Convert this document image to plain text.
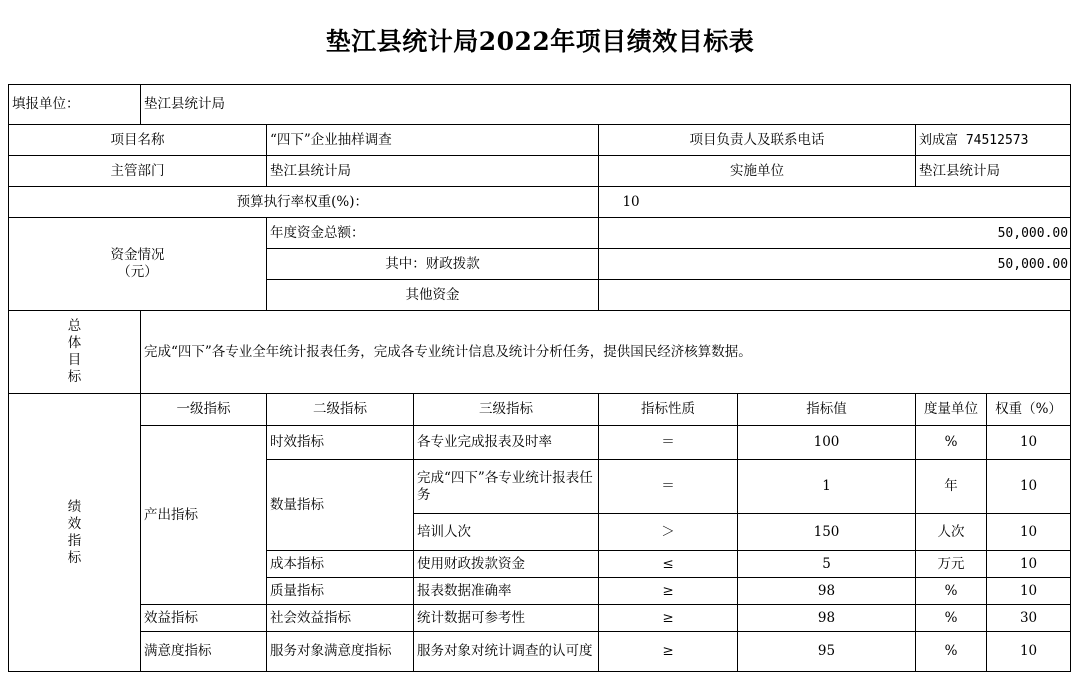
垫江县统计局2022年项目绩效目标表
填报单位：	垫江县统计局						
项目名称		“四下”企业抽样调查		项目负责人及联系电话		刘成富 74512573	
主管部门		垫江县统计局		实施单位		垫江县统计局	
预算执行率权重(%)：				10			

资金情况
（元）		年度资金总额：		50,000.00			
		其中：财政拨款		50,000.00			
		其他资金					

总
体
目
标	完成“四下”各专业全年统计报表任务，完成各专业统计信息及统计分析任务，提供国民经济核算数据。						

绩
效
指
标	一级指标	二级指标	三级指标	指标性质	指标值	度量单位	权重（%）
	产出指标	时效指标	各专业完成报表及时率	＝	100	%	10
		数量指标	完成“四下”各专业统计报表任务	＝	1	年	10
			培训人次	＞	150	人次	10
		成本指标	使用财政拨款资金	≤	5	万元	10
		质量指标	报表数据准确率	≥	98	%	10
	效益指标	社会效益指标	统计数据可参考性	≥	98	%	30
	满意度指标	服务对象满意度指标	服务对象对统计调查的认可度	≥	95	%	10
